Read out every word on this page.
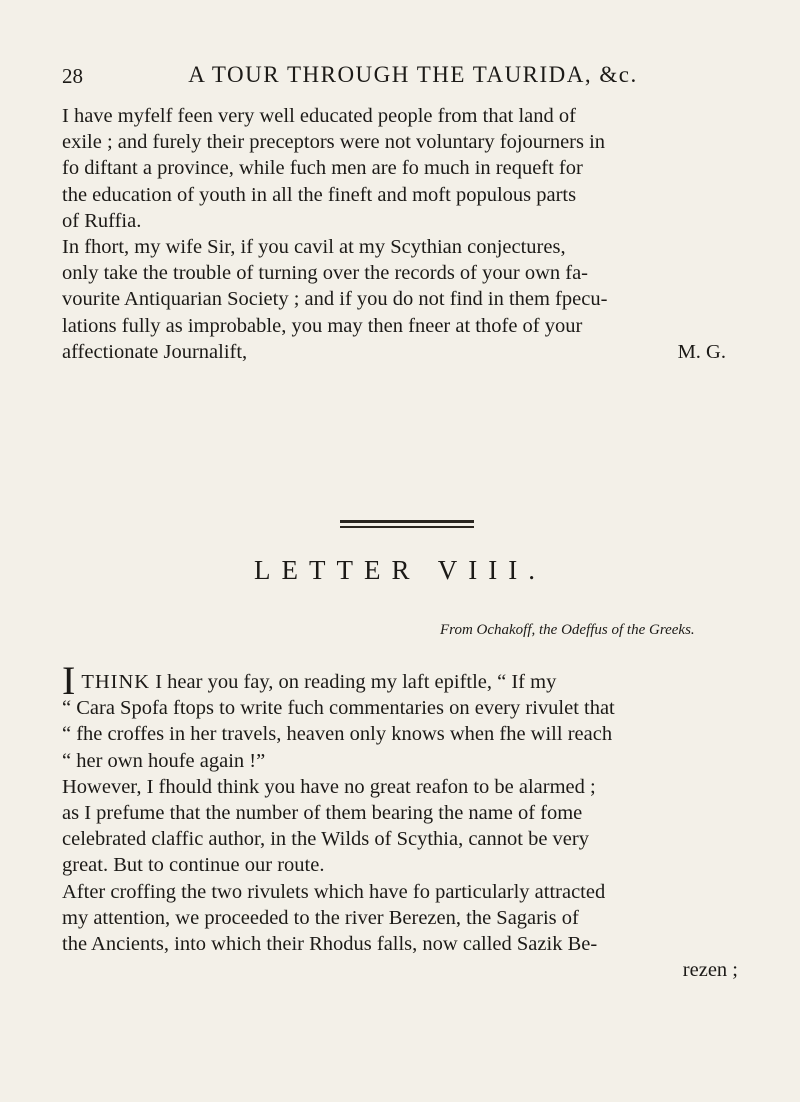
28	A TOUR THROUGH THE TAURIDA, &c.

I have myfelf feen very well educated people from that land of
exile ; and furely their preceptors were not voluntary fojourners in
fo diftant a province, while fuch men are fo much in requeft for
the education of youth in all the fineft and moft populous parts
of Ruffia.

In fhort, my wife Sir, if you cavil at my Scythian conjectures,
only take the trouble of turning over the records of your own fa-
vourite Antiquarian Society ; and if you do not find in them fpecu-
lations fully as improbable, you may then fneer at thofe of your
affectionate Journalift,	M. G.

LETTER VIII.
From Ochakoff, the Odeffus of the Greeks.

ITHINK I hear you fay, on reading my laft epiftle, “ If my
“ Cara Spofa ftops to write fuch commentaries on every rivulet that
“ fhe croffes in her travels, heaven only knows when fhe will reach
“ her own houfe again !”
However, I fhould think you have no great reafon to be alarmed ;
as I prefume that the number of them bearing the name of fome
celebrated claffic author, in the Wilds of Scythia, cannot be very
great. But to continue our route.
After croffing the two rivulets which have fo particularly attracted
my attention, we proceeded to the river Berezen, the Sagaris of
the Ancients, into which their Rhodus falls, now called Sazik Be-

rezen ;
